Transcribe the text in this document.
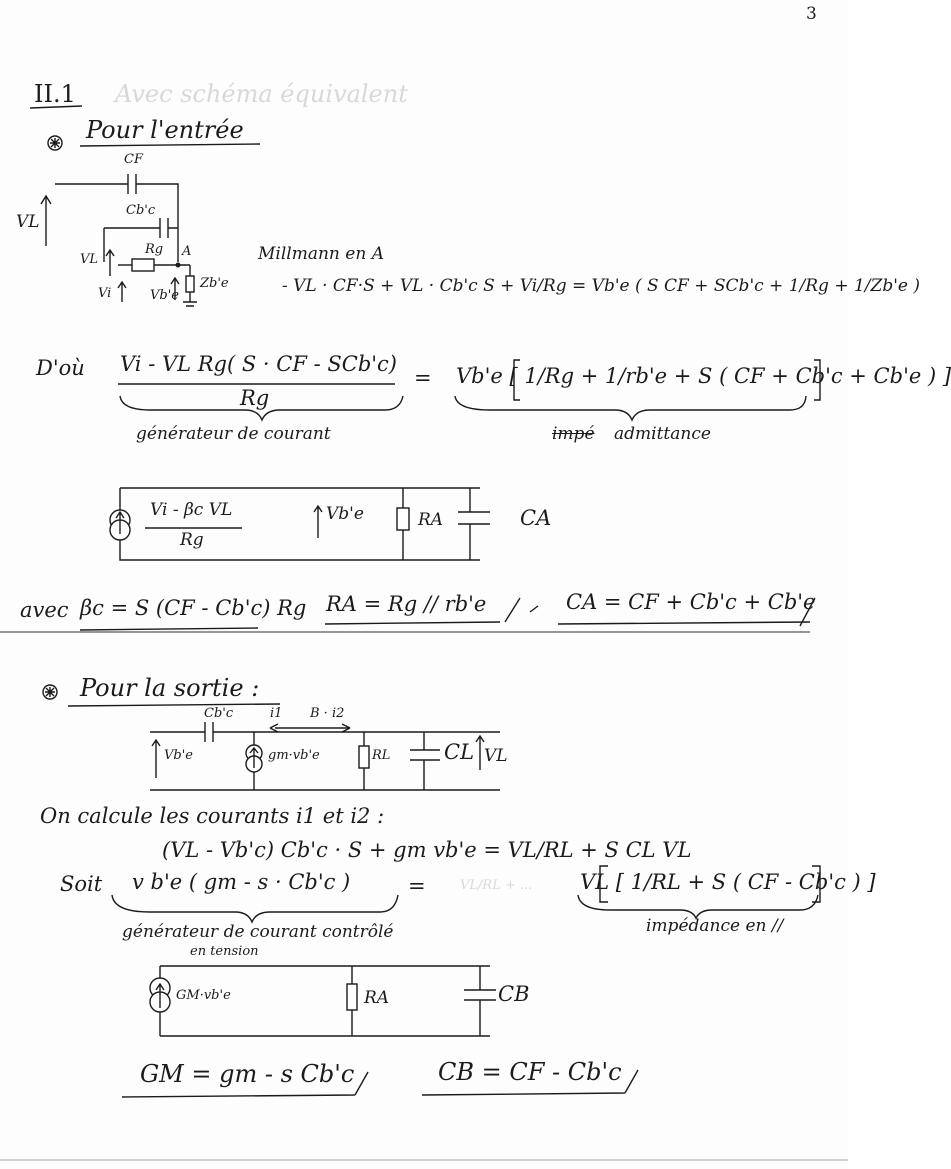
3
II.1 Avec schéma équivalent
Pour l'entrée
CF
Cb'c
Rg A
Zb'e
VL
VL
Vi	Vb'e
Millmann en A
- VL · CF·S + VL · Cb'c S + Vi/Rg = Vb'e ( S CF + SCb'c + 1/Rg + 1/Zb'e )
D'où Vi - VL Rg( S · CF - SCb'c)
Rg
= Vb'e [ 1/Rg + 1/rb'e + S ( CF + Cb'c + Cb'e ) ]
générateur de courant	impé admittance
Vi - βc VL
Rg
Vb'e	RA	CA
avec βc = S (CF - Cb'c) Rg RA = Rg // rb'e	CA = CF + Cb'c + Cb'e
Pour la sortie :
Cb'c	i1 B · i2
Vb'e	gm·vb'e	RL	CL VL
On calcule les courants i1 et i2 :
(VL - Vb'c) Cb'c · S + gm vb'e = VL/RL + S CL VL
Soit v b'e ( gm - s · Cb'c )	=	VL/RL + ... VL [ 1/RL + S ( CF - Cb'c ) ]
générateur de courant contrôlé
en tension
impédance en //
GM·vb'e	RA	CB
GM = gm - s Cb'c	CB = CF - Cb'c
